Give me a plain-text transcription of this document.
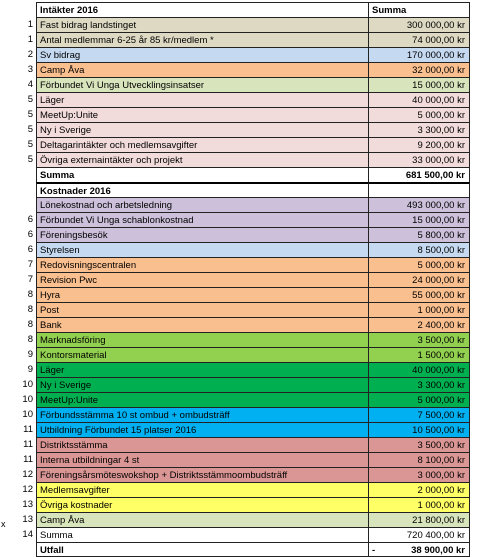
Intäkter 2016	Summa
1 Fast bidrag landstinget	300 000,00 kr
1 Antal medlemmar 6-25 år 85 kr/medlem *	74 000,00 kr
2 Sv bidrag	170 000,00 kr
3 Camp Åva	32 000,00 kr
4 Förbundet Vi Unga Utvecklingsinsatser	15 000,00 kr
5 Läger	40 000,00 kr
5 MeetUp:Unite	5 000,00 kr
5 Ny i Sverige	3 300,00 kr
5 Deltagarintäkter och medlemsavgifter	9 200,00 kr
5 Övriga externaintäkter och projekt	33 000,00 kr
Summa	681 500,00 kr
Kostnader 2016
Lönekostnad och arbetsledning	493 000,00 kr
6 Förbundet Vi Unga schablonkostnad	15 000,00 kr
6 Föreningsbesök	5 800,00 kr
6 Styrelsen	8 500,00 kr
7 Redovisningscentralen	5 000,00 kr
7 Revision Pwc	24 000,00 kr
8 Hyra	55 000,00 kr
8 Post	1 000,00 kr
8 Bank	2 400,00 kr
8 Marknadsföring	3 500,00 kr
9 Kontorsmaterial	1 500,00 kr
9 Läger	40 000,00 kr
10 Ny i Sverige	3 300,00 kr
10 MeetUp:Unite	5 000,00 kr
10 Förbundsstämma 10 st ombud + ombudsträff	7 500,00 kr
11 Utbildning Förbundet 15 platser 2016	10 500,00 kr
11 Distriktsstämma	3 500,00 kr
11 Interna utbildningar 4 st	8 100,00 kr
12 Föreningsårsmöteswokshop + Distriktsstämmoombudsträff	3 000,00 kr
12 Medlemsavgifter	2 000,00 kr
13 Övriga kostnader	1 000,00 kr
13 Camp Åva	21 800,00 kr
14 Summa	720 400,00 kr
Utfall	-	38 900,00 kr
x
